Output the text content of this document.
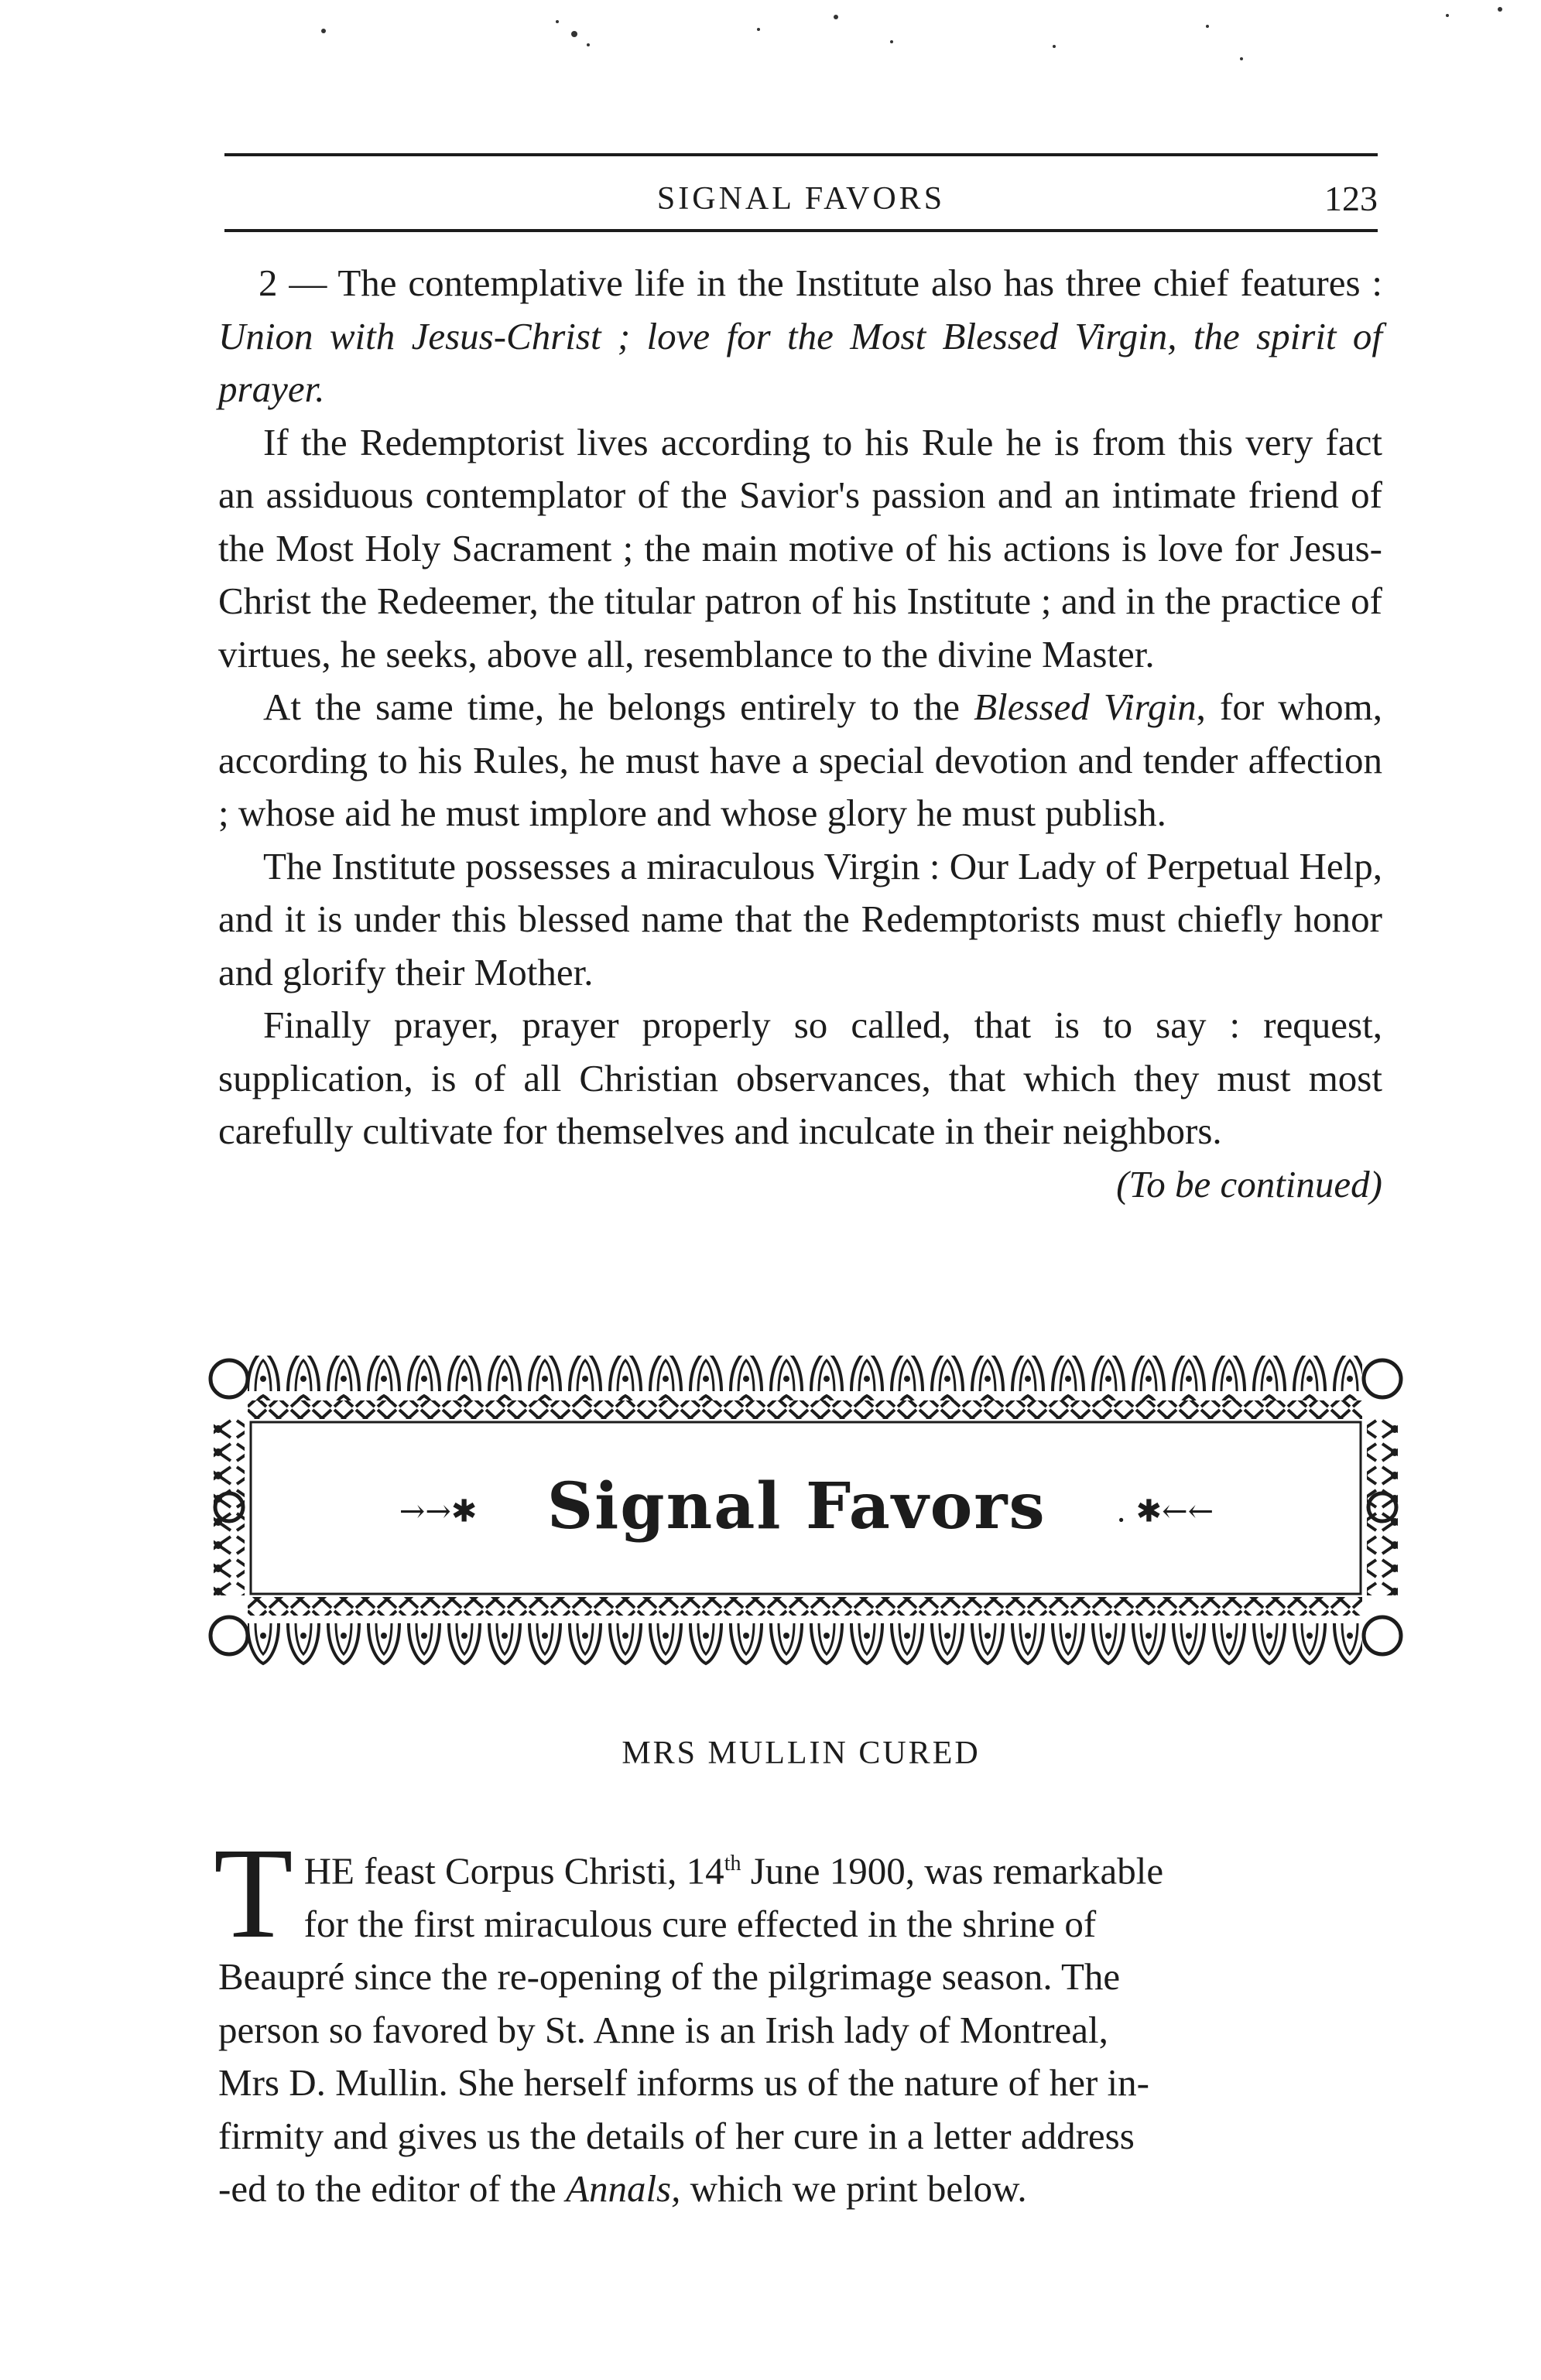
SIGNAL FAVORS	123

2 — The contemplative life in the Institute also has three chief features : Union with Jesus-Christ ; love for the Most Blessed Virgin, the spirit of prayer.

If the Redemptorist lives according to his Rule he is from this very fact an assiduous contemplator of the Savior's passion and an intimate friend of the Most Holy Sacrament ; the main motive of his actions is love for Jesus-Christ the Redeemer, the titular patron of his Institute ; and in the practice of virtues, he seeks, above all, resemblance to the divine Master.

At the same time, he belongs entirely to the Blessed Virgin, for whom, according to his Rules, he must have a special devotion and tender affection ; whose aid he must implore and whose glory he must publish.

The Institute possesses a miraculous Virgin : Our Lady of Perpetual Help, and it is under this blessed name that the Redemptorists must chiefly honor and glorify their Mother.

Finally prayer, prayer properly so called, that is to say : request, supplication, is of all Christian observances, that which they must most carefully cultivate for themselves and inculcate in their neighbors.
(To be continued)

→→✱ Signal Favors . ✱←←
MRS MULLIN CURED
T HE feast Corpus Christi, 14th June 1900, was remarkable

for the first miraculous cure effected in the shrine of

Beaupré since the re-opening of the pilgrimage season. The

person so favored by St. Anne is an Irish lady of Montreal,

Mrs D. Mullin. She herself informs us of the nature of her in-

firmity and gives us the details of her cure in a letter address

-ed to the editor of the Annals, which we print below.
